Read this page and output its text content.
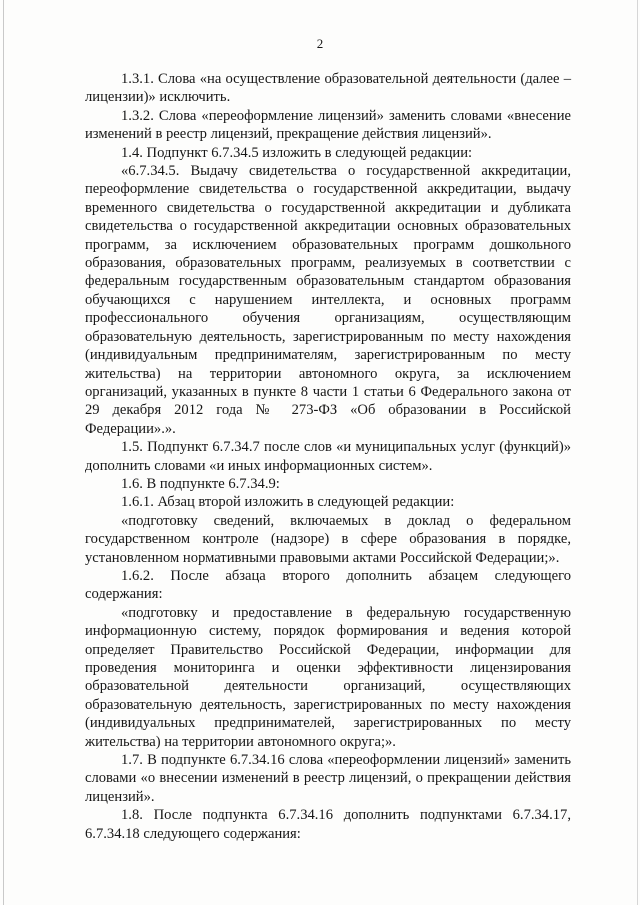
2

1.3.1. Слова «на осуществление образовательной деятельности (далее – лицензии)» исключить.

1.3.2. Слова «переоформление лицензий» заменить словами «внесение изменений в реестр лицензий, прекращение действия лицензий».

1.4. Подпункт 6.7.34.5 изложить в следующей редакции:

«6.7.34.5. Выдачу свидетельства о государственной аккредитации, переоформление свидетельства о государственной аккредитации, выдачу временного свидетельства о государственной аккредитации и дубликата свидетельства о государственной аккредитации основных образовательных программ, за исключением образовательных программ дошкольного образования, образовательных программ, реализуемых в соответствии с федеральным государственным образовательным стандартом образования обучающихся с нарушением интеллекта, и основных программ профессионального обучения организациям, осуществляющим образовательную деятельность, зарегистрированным по месту нахождения (индивидуальным предпринимателям, зарегистрированным по месту жительства) на территории автономного округа, за исключением организаций, указанных в пункте 8 части 1 статьи 6 Федерального закона от 29 декабря 2012 года № 273-ФЗ «Об образовании в Российской Федерации».».

1.5. Подпункт 6.7.34.7 после слов «и муниципальных услуг (функций)» дополнить словами «и иных информационных систем».

1.6. В подпункте 6.7.34.9:

1.6.1. Абзац второй изложить в следующей редакции:

«подготовку сведений, включаемых в доклад о федеральном государственном контроле (надзоре) в сфере образования в порядке, установленном нормативными правовыми актами Российской Федерации;».

1.6.2. После абзаца второго дополнить абзацем следующего содержания:

«подготовку и предоставление в федеральную государственную информационную систему, порядок формирования и ведения которой определяет Правительство Российской Федерации, информации для проведения мониторинга и оценки эффективности лицензирования образовательной деятельности организаций, осуществляющих образовательную деятельность, зарегистрированных по месту нахождения (индивидуальных предпринимателей, зарегистрированных по месту жительства) на территории автономного округа;».

1.7. В подпункте 6.7.34.16 слова «переоформлении лицензий» заменить словами «о внесении изменений в реестр лицензий, о прекращении действия лицензий».

1.8. После подпункта 6.7.34.16 дополнить подпунктами 6.7.34.17, 6.7.34.18 следующего содержания:
